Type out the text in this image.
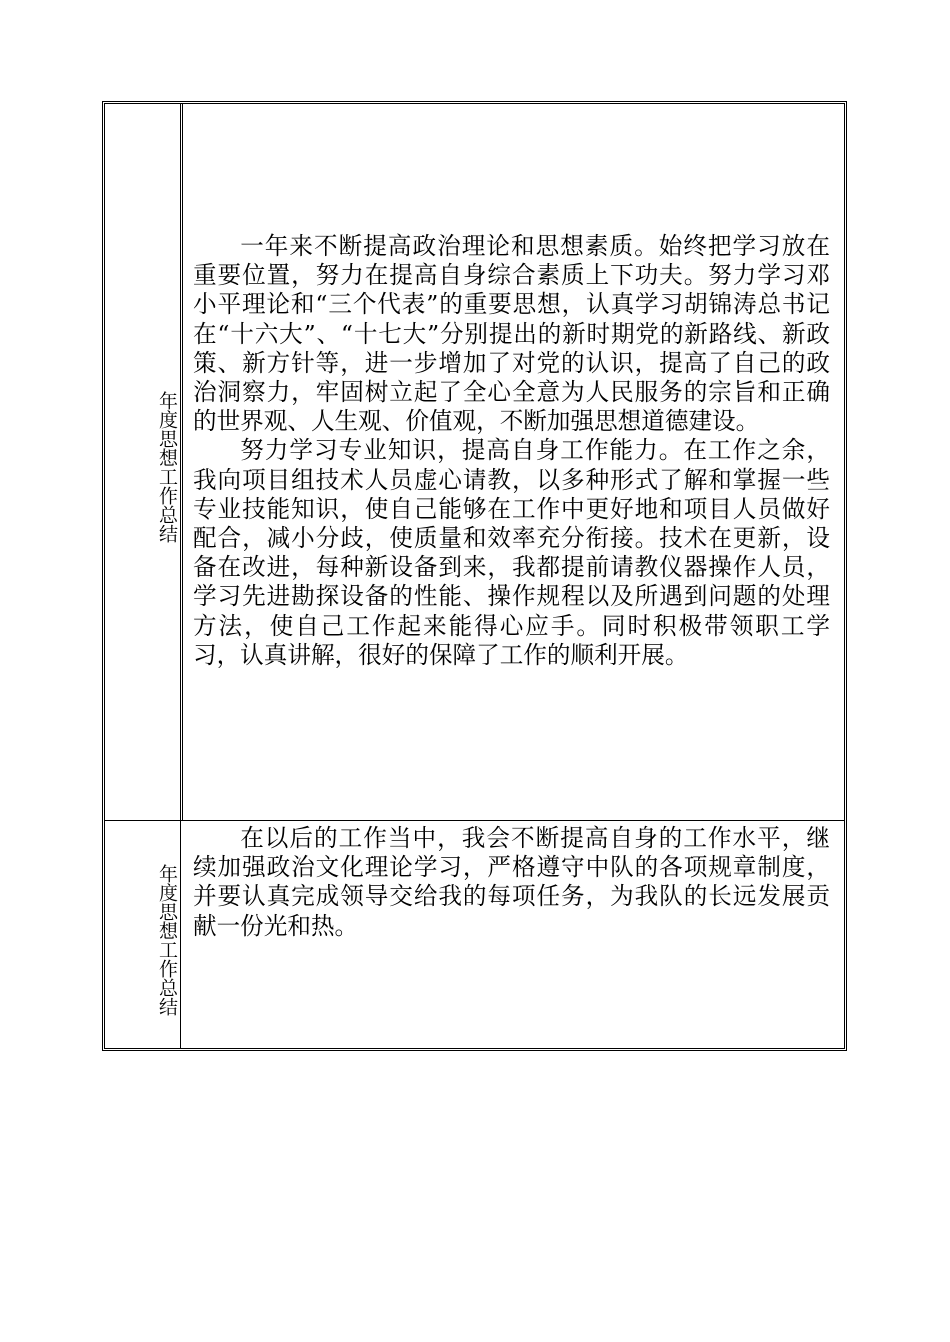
年度思想工作总结

一年来不断提高政治理论和思想素质。始终把学习放在重要位置，努力在提高自身综合素质上下功夫。努力学习邓小平理论和“三个代表”的重要思想，认真学习胡锦涛总书记在“十六大”、“十七大”分别提出的新时期党的新路线、新政策、新方针等，进一步增加了对党的认识，提高了自己的政治洞察力，牢固树立起了全心全意为人民服务的宗旨和正确的世界观、人生观、价值观，不断加强思想道德建设。

努力学习专业知识，提高自身工作能力。在工作之余，我向项目组技术人员虚心请教，以多种形式了解和掌握一些专业技能知识，使自己能够在工作中更好地和项目人员做好配合，减小分歧，使质量和效率充分衔接。技术在更新，设备在改进，每种新设备到来，我都提前请教仪器操作人员，学习先进勘探设备的性能、操作规程以及所遇到问题的处理方法，使自己工作起来能得心应手。同时积极带领职工学习，认真讲解，很好的保障了工作的顺利开展。

年度思想工作总结

在以后的工作当中，我会不断提高自身的工作水平，继续加强政治文化理论学习，严格遵守中队的各项规章制度，并要认真完成领导交给我的每项任务，为我队的长远发展贡献一份光和热。
